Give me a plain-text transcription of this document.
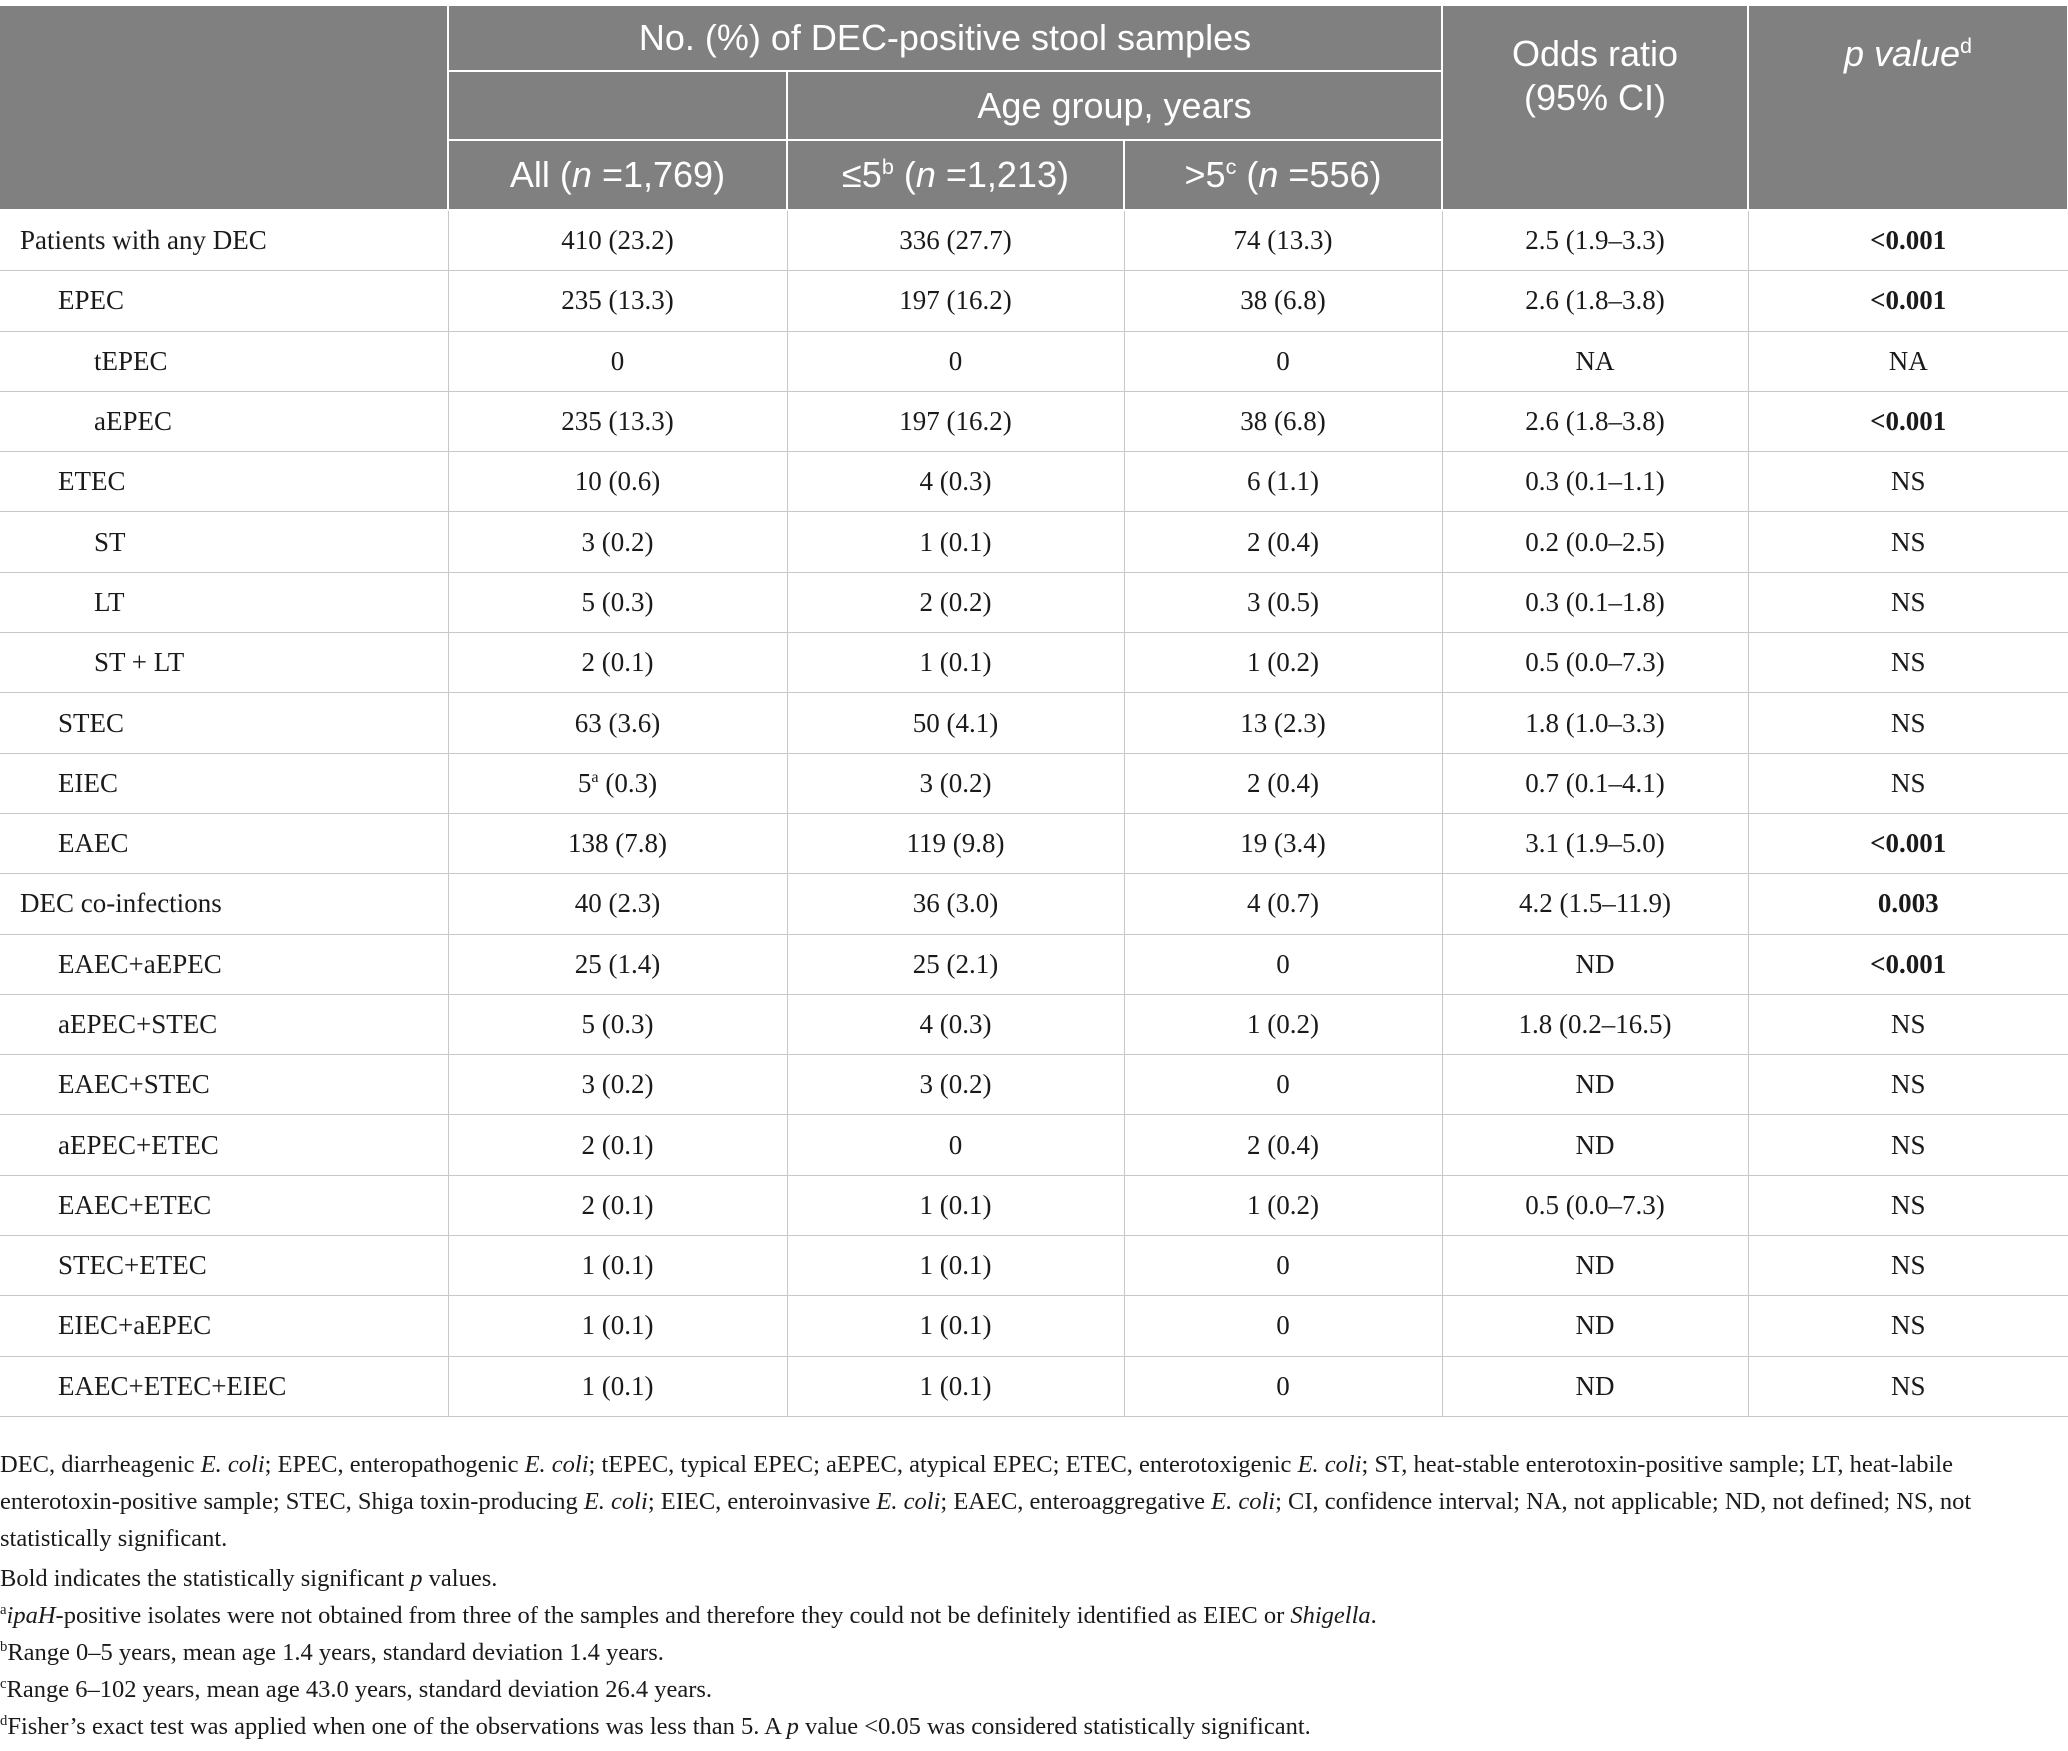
	No. (%) of DEC-positive stool samples			Odds ratio (95% CI)	p value$^d$
		Age group, years			
	All (n =1,769)	$\le 5^b$ (n =1,213)	$>5^c$ (n =556)		
Patients with any DEC	410 (23.2)	336 (27.7)	74 (13.3)	2.5 (1.9–3.3)	<0.001
EPEC	235 (13.3)	197 (16.2)	38 (6.8)	2.6 (1.8–3.8)	<0.001
tEPEC	0	0	0	NA	NA
aEPEC	235 (13.3)	197 (16.2)	38 (6.8)	2.6 (1.8–3.8)	<0.001
ETEC	10 (0.6)	4 (0.3)	6 (1.1)	0.3 (0.1–1.1)	NS
ST	3 (0.2)	1 (0.1)	2 (0.4)	0.2 (0.0–2.5)	NS
LT	5 (0.3)	2 (0.2)	3 (0.5)	0.3 (0.1–1.8)	NS
ST + LT	2 (0.1)	1 (0.1)	1 (0.2)	0.5 (0.0–7.3)	NS
STEC	63 (3.6)	50 (4.1)	13 (2.3)	1.8 (1.0–3.3)	NS
EIEC	5$^a$ (0.3)	3 (0.2)	2 (0.4)	0.7 (0.1–4.1)	NS
EAEC	138 (7.8)	119 (9.8)	19 (3.4)	3.1 (1.9–5.0)	<0.001
DEC co-infections	40 (2.3)	36 (3.0)	4 (0.7)	4.2 (1.5–11.9)	0.003
EAEC+aEPEC	25 (1.4)	25 (2.1)	0	ND	<0.001
aEPEC+STEC	5 (0.3)	4 (0.3)	1 (0.2)	1.8 (0.2–16.5)	NS
EAEC+STEC	3 (0.2)	3 (0.2)	0	ND	NS
aEPEC+ETEC	2 (0.1)	0	2 (0.4)	ND	NS
EAEC+ETEC	2 (0.1)	1 (0.1)	1 (0.2)	0.5 (0.0–7.3)	NS
STEC+ETEC	1 (0.1)	1 (0.1)	0	ND	NS
EIEC+aEPEC	1 (0.1)	1 (0.1)	0	ND	NS
EAEC+ETEC+EIEC	1 (0.1)	1 (0.1)	0	ND	NS

DEC, diarrheagenic E. coli; EPEC, enteropathogenic E. coli; tEPEC, typical EPEC; aEPEC, atypical EPEC; ETEC, enterotoxigenic E. coli; ST, heat-stable enterotoxin-positive sample; LT, heat-labile enterotoxin-positive sample; STEC, Shiga toxin-producing E. coli; EIEC, enteroinvasive E. coli; EAEC, enteroaggregative E. coli; CI, confidence interval; NA, not applicable; ND, not defined; NS, not statistically significant.

Bold indicates the statistically significant p values.

$^a$ipaH-positive isolates were not obtained from three of the samples and therefore they could not be definitely identified as EIEC or Shigella.

$^b$Range 0–5 years, mean age 1.4 years, standard deviation 1.4 years.

$^c$Range 6–102 years, mean age 43.0 years, standard deviation 26.4 years.

$^d$Fisher’s exact test was applied when one of the observations was less than 5. A p value <0.05 was considered statistically significant.
